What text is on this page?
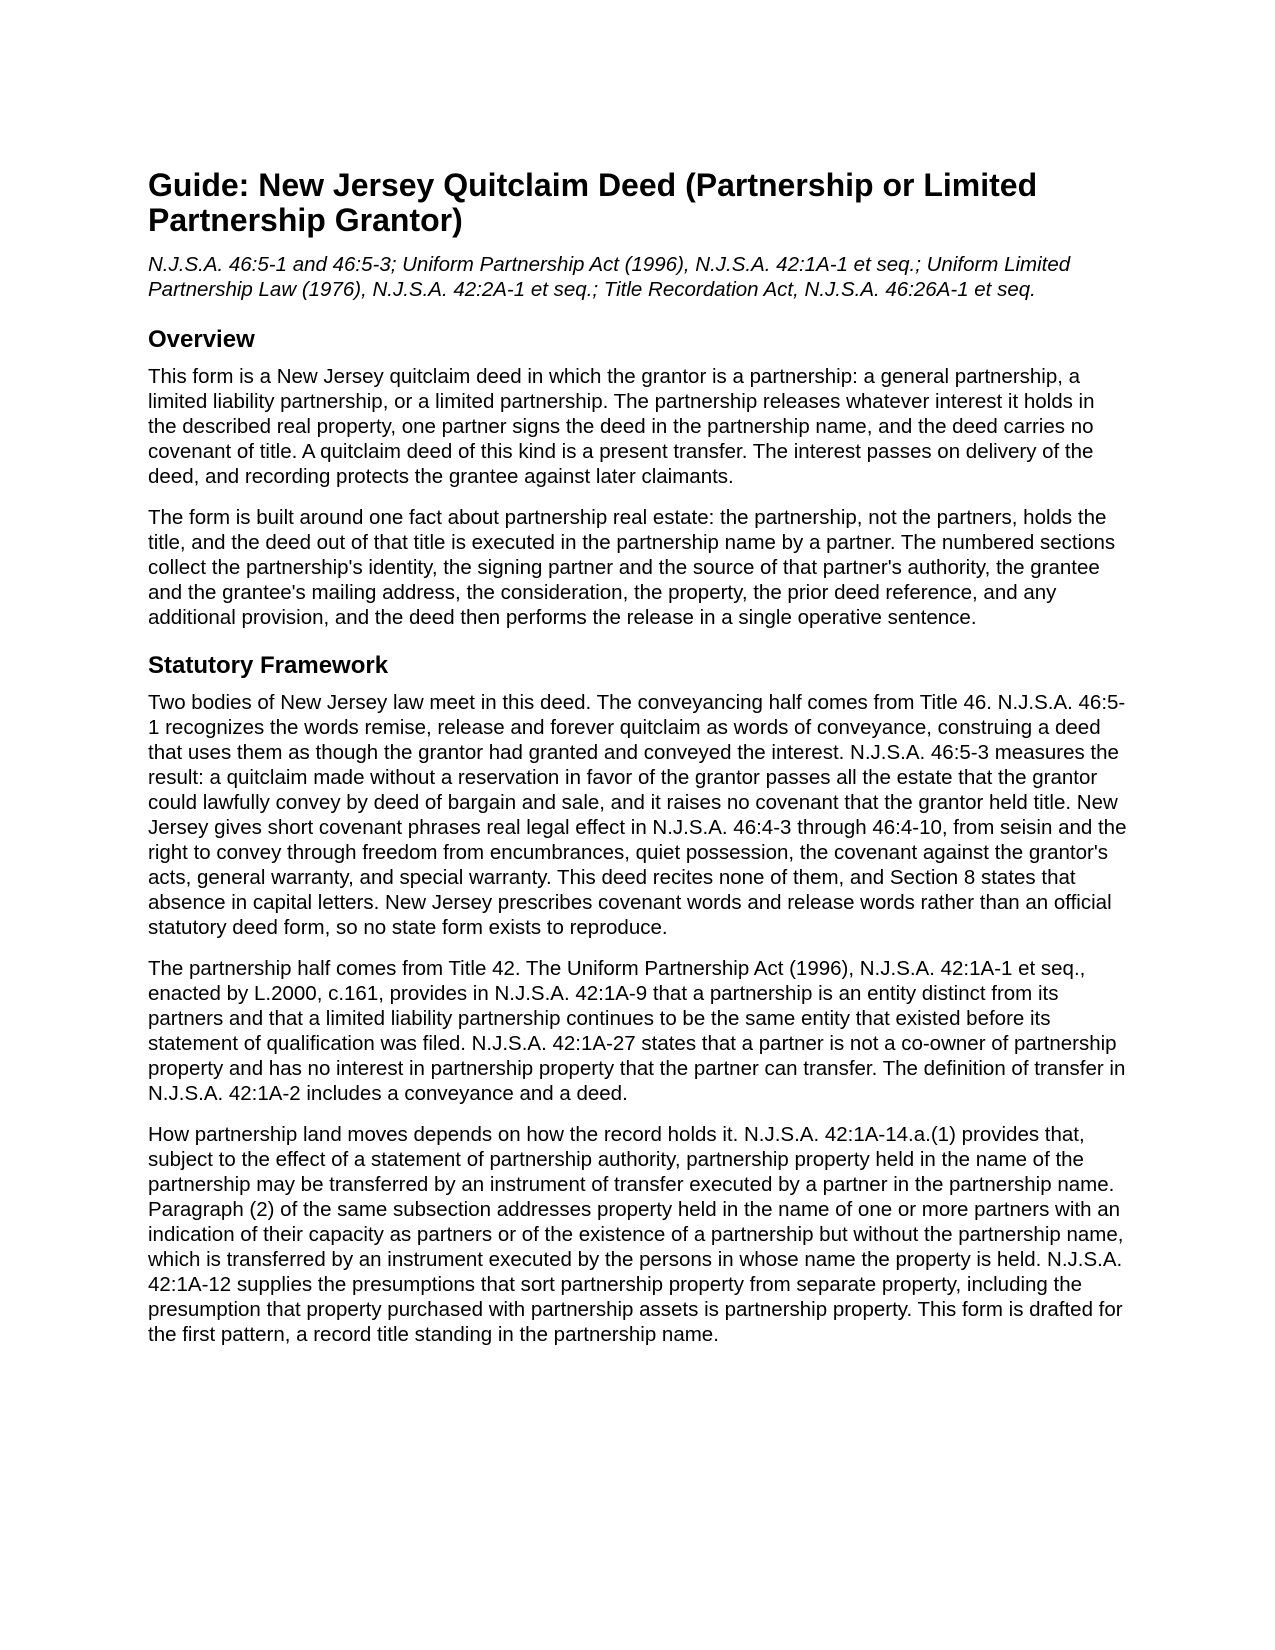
Guide: New Jersey Quitclaim Deed (Partnership or Limited Partnership Grantor)

N.J.S.A. 46:5-1 and 46:5-3; Uniform Partnership Act (1996), N.J.S.A. 42:1A-1 et seq.; Uniform Limited Partnership Law (1976), N.J.S.A. 42:2A-1 et seq.; Title Recordation Act, N.J.S.A. 46:26A-1 et seq.

Overview

This form is a New Jersey quitclaim deed in which the grantor is a partnership: a general partnership, a limited liability partnership, or a limited partnership. The partnership releases whatever interest it holds in the described real property, one partner signs the deed in the partnership name, and the deed carries no covenant of title. A quitclaim deed of this kind is a present transfer. The interest passes on delivery of the deed, and recording protects the grantee against later claimants.

The form is built around one fact about partnership real estate: the partnership, not the partners, holds the title, and the deed out of that title is executed in the partnership name by a partner. The numbered sections collect the partnership's identity, the signing partner and the source of that partner's authority, the grantee and the grantee's mailing address, the consideration, the property, the prior deed reference, and any additional provision, and the deed then performs the release in a single operative sentence.

Statutory Framework

Two bodies of New Jersey law meet in this deed. The conveyancing half comes from Title 46. N.J.S.A. 46:5-1 recognizes the words remise, release and forever quitclaim as words of conveyance, construing a deed that uses them as though the grantor had granted and conveyed the interest. N.J.S.A. 46:5-3 measures the result: a quitclaim made without a reservation in favor of the grantor passes all the estate that the grantor could lawfully convey by deed of bargain and sale, and it raises no covenant that the grantor held title. New Jersey gives short covenant phrases real legal effect in N.J.S.A. 46:4-3 through 46:4-10, from seisin and the right to convey through freedom from encumbrances, quiet possession, the covenant against the grantor's acts, general warranty, and special warranty. This deed recites none of them, and Section 8 states that absence in capital letters. New Jersey prescribes covenant words and release words rather than an official statutory deed form, so no state form exists to reproduce.

The partnership half comes from Title 42. The Uniform Partnership Act (1996), N.J.S.A. 42:1A-1 et seq., enacted by L.2000, c.161, provides in N.J.S.A. 42:1A-9 that a partnership is an entity distinct from its partners and that a limited liability partnership continues to be the same entity that existed before its statement of qualification was filed. N.J.S.A. 42:1A-27 states that a partner is not a co-owner of partnership property and has no interest in partnership property that the partner can transfer. The definition of transfer in N.J.S.A. 42:1A-2 includes a conveyance and a deed.

How partnership land moves depends on how the record holds it. N.J.S.A. 42:1A-14.a.(1) provides that, subject to the effect of a statement of partnership authority, partnership property held in the name of the partnership may be transferred by an instrument of transfer executed by a partner in the partnership name. Paragraph (2) of the same subsection addresses property held in the name of one or more partners with an indication of their capacity as partners or of the existence of a partnership but without the partnership name, which is transferred by an instrument executed by the persons in whose name the property is held. N.J.S.A. 42:1A-12 supplies the presumptions that sort partnership property from separate property, including the presumption that property purchased with partnership assets is partnership property. This form is drafted for the first pattern, a record title standing in the partnership name.
